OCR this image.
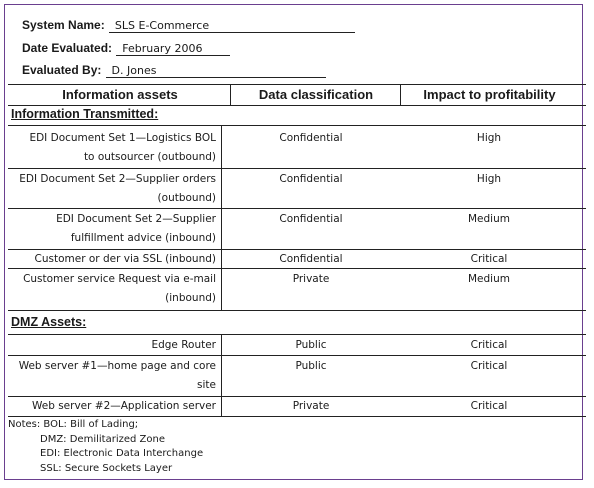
System Name: SLS E-Commerce
Date Evaluated: February 2006
Evaluated By: D. Jones
Information assets	Data classification	Impact to profitability
Information Transmitted:
EDI Document Set 1—Logistics BOL
to outsourcer (outbound)
Confidential	High
EDI Document Set 2—Supplier orders
(outbound)
Confidential	High
EDI Document Set 2—Supplier
fulfillment advice (inbound)
Confidential	Medium
Customer or der via SSL (inbound)	Confidential	Critical
Customer service Request via e-mail
(inbound)
Private	Medium
DMZ Assets:
Edge Router	Public	Critical
Web server #1—home page and core
site
Public	Critical
Web server #2—Application server	Private	Critical
Notes: BOL: Bill of Lading;
DMZ: Demilitarized Zone
EDI: Electronic Data Interchange
SSL: Secure Sockets Layer
